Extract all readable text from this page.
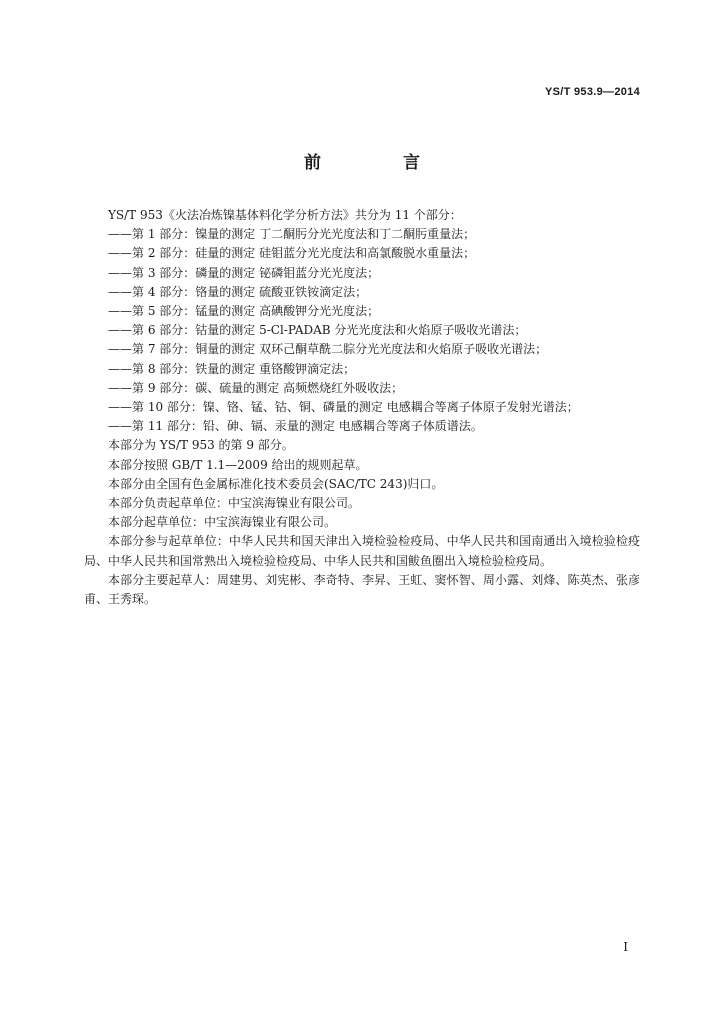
YS/T 953.9—2014
前 言
YS/T 953《火法冶炼镍基体料化学分析方法》共分为 11 个部分：
——第 1 部分：镍量的测定 丁二酮肟分光光度法和丁二酮肟重量法；
——第 2 部分：硅量的测定 硅钼蓝分光光度法和高氯酸脱水重量法；
——第 3 部分：磷量的测定 铋磷钼蓝分光光度法；
——第 4 部分：铬量的测定 硫酸亚铁铵滴定法；
——第 5 部分：锰量的测定 高碘酸钾分光光度法；
——第 6 部分：钴量的测定 5-Cl-PADAB 分光光度法和火焰原子吸收光谱法；
——第 7 部分：铜量的测定 双环己酮草酰二腙分光光度法和火焰原子吸收光谱法；
——第 8 部分：铁量的测定 重铬酸钾滴定法；
——第 9 部分：碳、硫量的测定 高频燃烧红外吸收法；
——第 10 部分：镍、铬、锰、钴、铜、磷量的测定 电感耦合等离子体原子发射光谱法；
——第 11 部分：铅、砷、镉、汞量的测定 电感耦合等离子体质谱法。
本部分为 YS/T 953 的第 9 部分。
本部分按照 GB/T 1.1—2009 给出的规则起草。
本部分由全国有色金属标准化技术委员会(SAC/TC 243)归口。
本部分负责起草单位：中宝滨海镍业有限公司。
本部分起草单位：中宝滨海镍业有限公司。
本部分参与起草单位：中华人民共和国天津出入境检验检疫局、中华人民共和国南通出入境检验检疫局、中华人民共和国常熟出入境检验检疫局、中华人民共和国鲅鱼圈出入境检验检疫局。
本部分主要起草人：周建男、刘宪彬、李奇特、李昇、王虹、窦怀智、周小露、刘烽、陈英杰、张彦甫、王秀琛。
I
